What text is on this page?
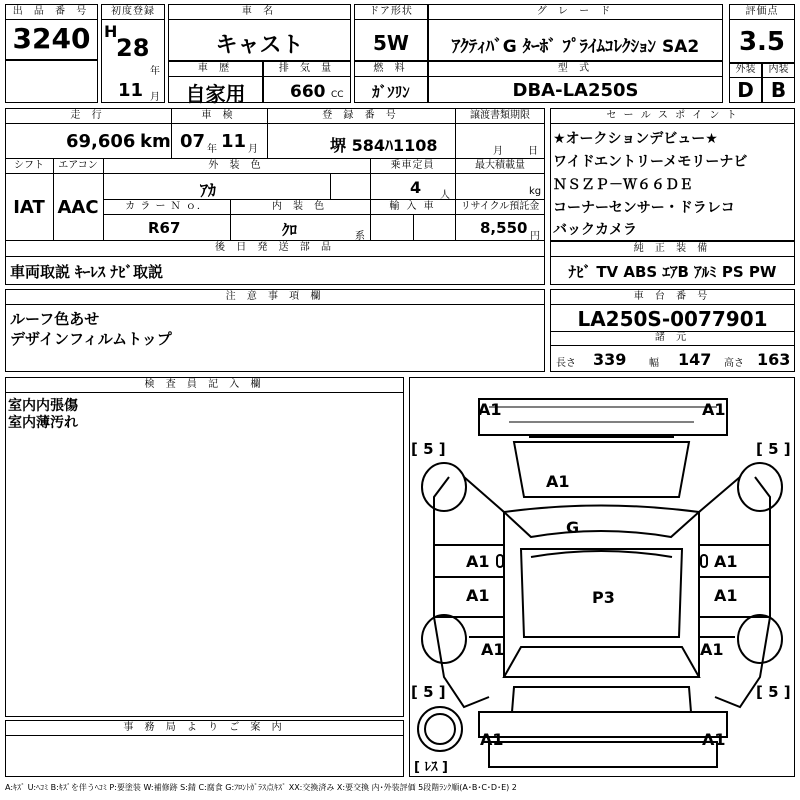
出 品 番 号
3240
初度登録
H
28
年
11 月
車 名
キャスト
車 歴
自家用
排 気 量
660 CC
ドア形状
5W
燃 料
ｶﾞｿﾘﾝ
グ レ ー ド
ｱｸﾃｨﾊﾞG ﾀｰﾎﾞ ﾌﾟﾗｲﾑｺﾚｸｼｮﾝ SA2
型 式
DBA-LA250S
評価点
3.5
外装	内装
D B
走 行	車 検	登 録 番 号	譲渡書類期限
69,606 km 07 年 11 月	堺 584ﾊ1108	月	日
シフト	エアコン	外 装 色	乗車定員	最大積載量
IAT AAC
ｱｶ	4 人	kg
カ ラ ー Ｎ ｏ．	内 装 色	輸 入 車	リサイクル預託金
R67	ｸﾛ	系	8,550 円
後 日 発 送 部 品
車両取説 ｷｰﾚｽ ﾅﾋﾞ取説
セ ー ル ス ポ イ ン ト
★オークションデビュー★
ワイドエントリーメモリーナビ
ＮＳＺＰ－Ｗ６６ＤＥ
コーナーセンサー・ドラレコ
バックカメラ
純 正 装 備
ﾅﾋﾞ TV ABS ｴｱB ｱﾙﾐ PS PW
注 意 事 項 欄
ルーフ色あせ
デザインフィルムトップ
車 台 番 号
LA250S-0077901
諸 元
長さ 339 幅 147 高さ 163
検 査 員 記 入 欄
室内内張傷
室内薄汚れ
事 務 局 よ り ご 案 内
A1	A1
A1
G
A1	A1
P3
A1	A1
A1	A1
A1	A1
[ 5 ]	[ 5 ]
[ 5 ]	[ 5 ]
[ ﾚｽ ]
A:ｷｽﾞ U:ﾍｺﾐ B:ｷｽﾞを伴うﾍｺﾐ P:要塗装 W:補修跡 S:錆 C:腐食 G:ﾌﾛﾝﾄｶﾞﾗｽ点ｷｽﾞ XX:交換済み X:要交換 内･外装評価 5段階ﾗﾝｸ順(A･B･C･D･E) 2
